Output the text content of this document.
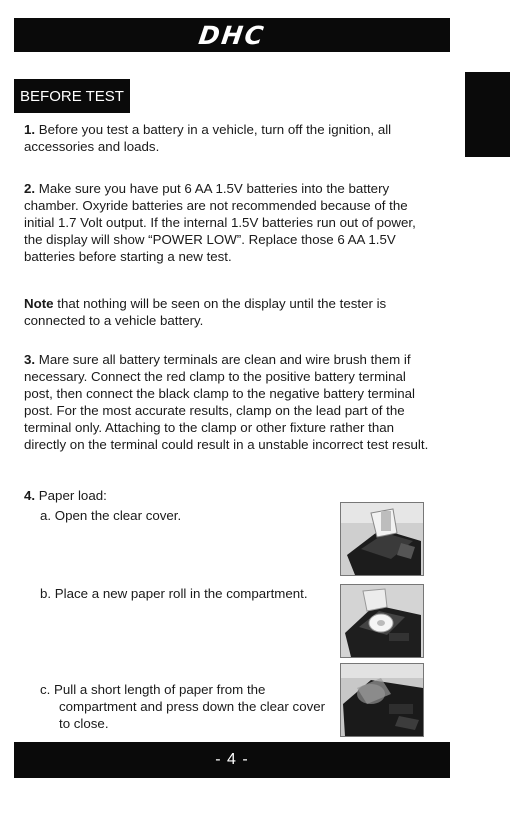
DHC
BEFORE TEST

1. Before you test a battery in a vehicle, turn off the ignition, all
accessories and loads.

2. Make sure you have put 6 AA 1.5V batteries into the battery
chamber. Oxyride batteries are not recommended because of the
initial 1.7 Volt output. If the internal 1.5V batteries run out of power,
the display will show “POWER LOW”. Replace those 6 AA 1.5V
batteries before starting a new test.

Note that nothing will be seen on the display until the tester is
connected to a vehicle battery.

3. Mare sure all battery terminals are clean and wire brush them if
necessary. Connect the red clamp to the positive battery terminal
post, then connect the black clamp to the negative battery terminal
post. For the most accurate results, clamp on the lead part of the
terminal only. Attaching to the clamp or other fixture rather than
directly on the terminal could result in a unstable incorrect test result.

4. Paper load:

a. Open the clear cover.

b. Place a new paper roll in the compartment.

c. Pull a short length of paper from the

compartment and press down the clear cover
to close.

- 4 -
